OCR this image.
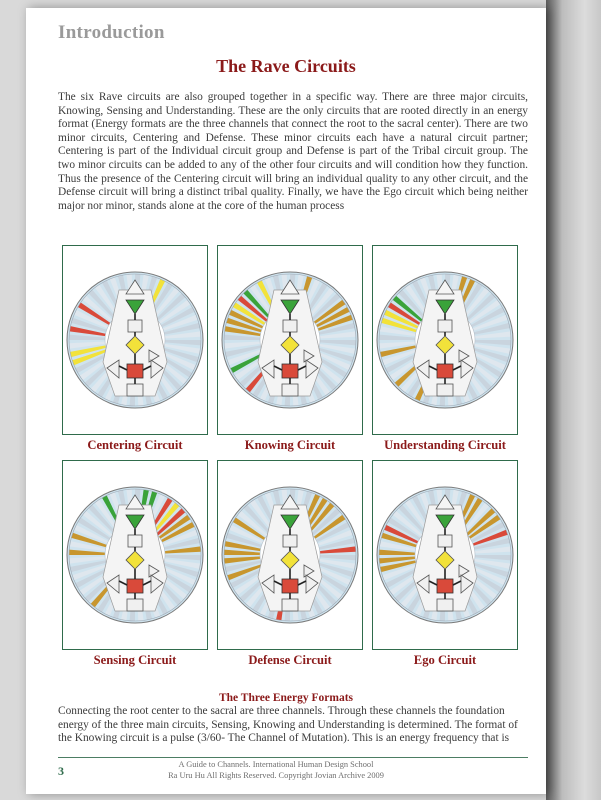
Introduction
The Rave Circuits

The six Rave circuits are also grouped together in a specific way. There are three major circuits, Knowing, Sensing and Understanding. These are the only circuits that are rooted directly in an energy format (Energy formats are the three channels that connect the root to the sacral center). There are two minor circuits, Centering and Defense. These minor circuits each have a natural circuit partner; Centering is part of the Individual circuit group and Defense is part of the Tribal circuit group. The two minor circuits can be added to any of the other four circuits and will condition how they function. Thus the presence of the Centering circuit will bring an individual quality to any other circuit, and the Defense circuit will bring a distinct tribal quality. Finally, we have the Ego circuit which being neither major nor minor, stands alone at the core of the human process

Centering Circuit	Knowing Circuit	Understanding Circuit

Sensing Circuit	Defense Circuit	Ego Circuit

The Three Energy Formats

Connecting the root center to the sacral are three channels. Through these channels the foundation energy of the three main circuits, Sensing, Knowing and Understanding is determined. The format of the Knowing circuit is a pulse (3/60- The Channel of Mutation). This is an energy frequency that is

3	A Guide to Channels. International Human Design School
Ra Uru Hu All Rights Reserved. Copyright Jovian Archive 2009
